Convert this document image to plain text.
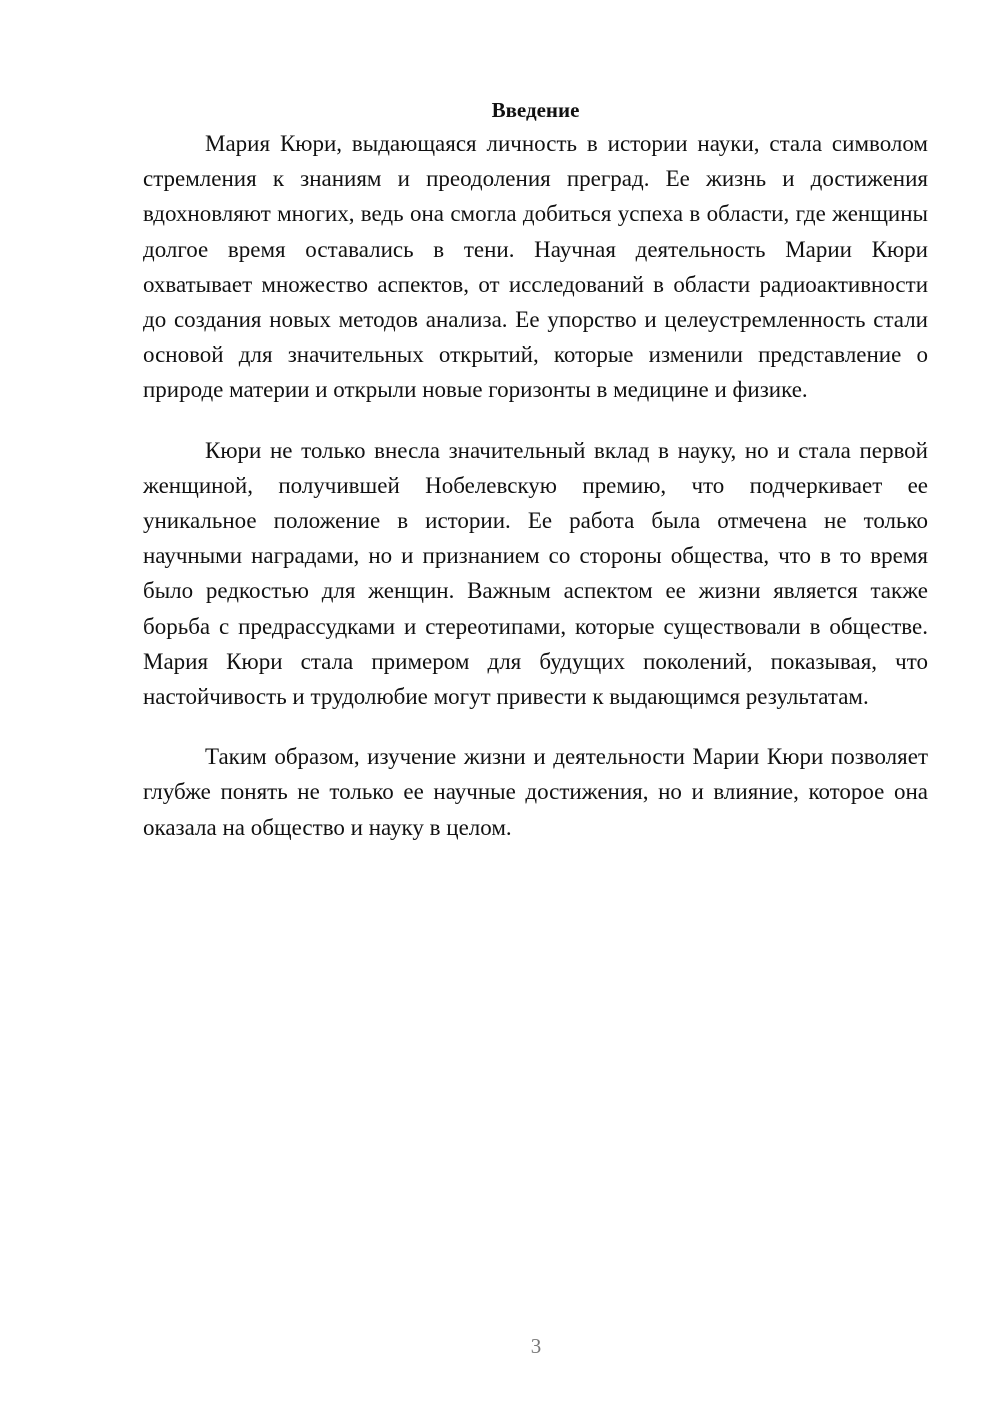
Введение

Мария Кюри, выдающаяся личность в истории науки, стала символом стремления к знаниям и преодоления преград. Ее жизнь и достижения вдохновляют многих, ведь она смогла добиться успеха в области, где женщины долгое время оставались в тени. Научная деятельность Марии Кюри охватывает множество аспектов, от исследований в области радиоактивности до создания новых методов анализа. Ее упорство и целеустремленность стали основой для значительных открытий, которые изменили представление о природе материи и открыли новые горизонты в медицине и физике.

Кюри не только внесла значительный вклад в науку, но и стала первой женщиной, получившей Нобелевскую премию, что подчеркивает ее уникальное положение в истории. Ее работа была отмечена не только научными наградами, но и признанием со стороны общества, что в то время было редкостью для женщин. Важным аспектом ее жизни является также борьба с предрассудками и стереотипами, которые существовали в обществе. Мария Кюри стала примером для будущих поколений, показывая, что настойчивость и трудолюбие могут привести к выдающимся результатам.

Таким образом, изучение жизни и деятельности Марии Кюри позволяет глубже понять не только ее научные достижения, но и влияние, которое она оказала на общество и науку в целом.

3
